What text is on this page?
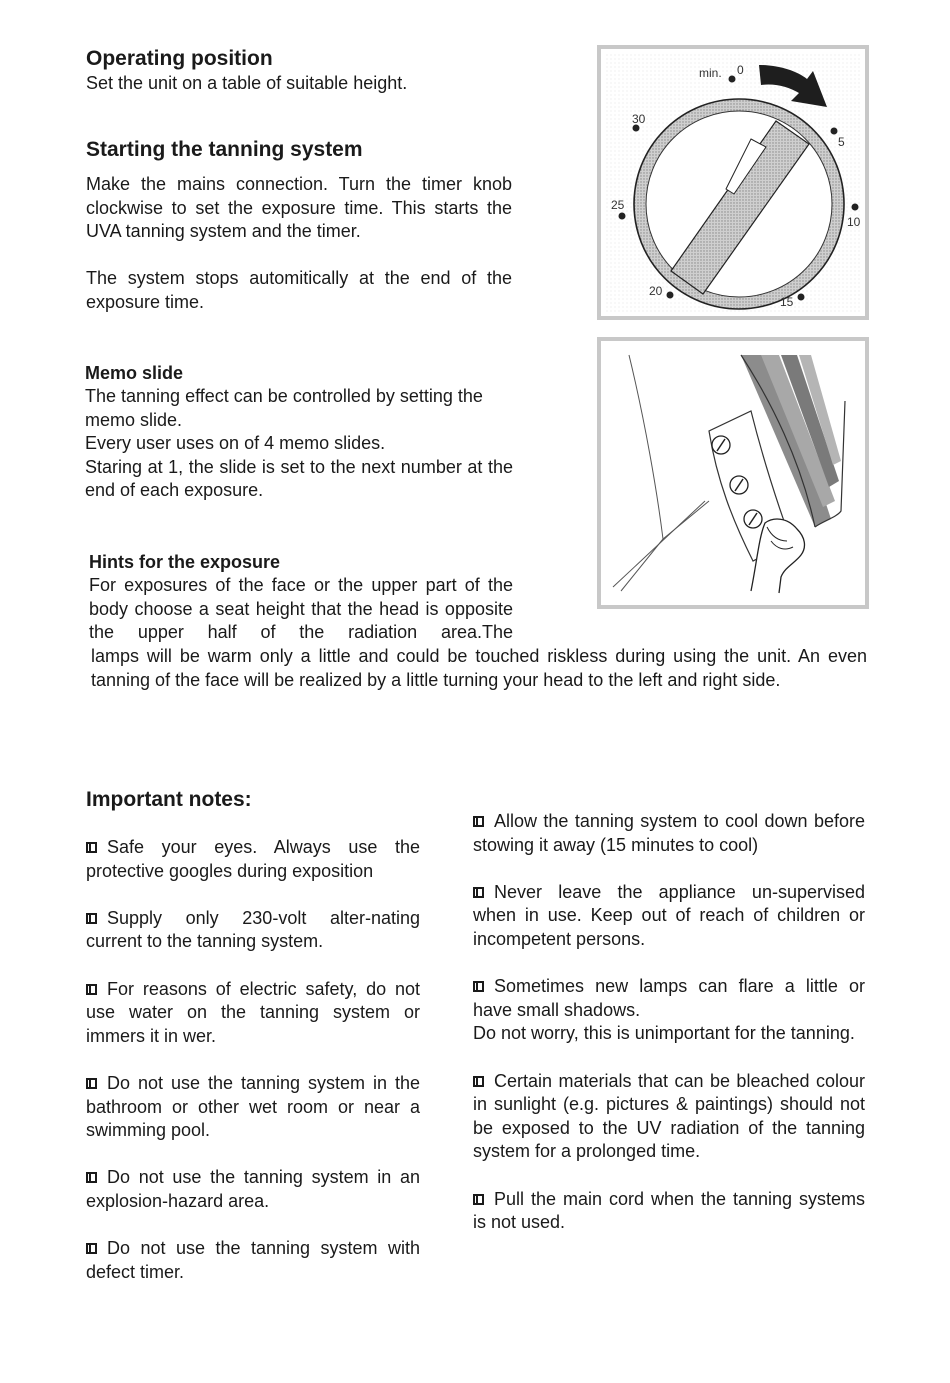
Operating position

Set the unit on a table of suitable height.

Starting the tanning system

Make the mains connection. Turn the timer knob clockwise to set the exposure time. This starts the UVA tanning system and the timer.

The system stops automitically at the end of the exposure time.

Memo slide

The tanning effect can be controlled by setting the memo slide.

Every user uses on of 4 memo slides.

Staring at 1, the slide is set to the next number at the end of each exposure.

Hints for the exposure

For exposures of the face or the upper part of the body choose a seat height that the head is opposite the upper half of the radiation area.The

lamps will be warm only a little and could be touched riskless during using the unit. An even tanning of the face will be realized by a little turning your head to the left and right side.

min. 0
5
10
15
20
25
30
Important notes:

Safe your eyes. Always use the protective googles during exposition

Supply only 230-volt alter-nating current to the tanning system.

For reasons of electric safety, do not use water on the tanning system or immers it in wer.

Do not use the tanning system in the bathroom or other wet room or near a swimming pool.

Do not use the tanning system in an explosion-hazard area.

Do not use the tanning system with defect timer.

Allow the tanning system to cool down before stowing it away (15 minutes to cool)

Never leave the appliance un-supervised when in use. Keep out of reach of children or incompetent persons.

Sometimes new lamps can flare a little or have small shadows.

Do not worry, this is unimportant for the tanning.

Certain materials that can be bleached colour in sunlight (e.g. pictures & paintings) should not be exposed to the UV radiation of the tanning system for a prolonged time.

Pull the main cord when the tanning systems is not used.
